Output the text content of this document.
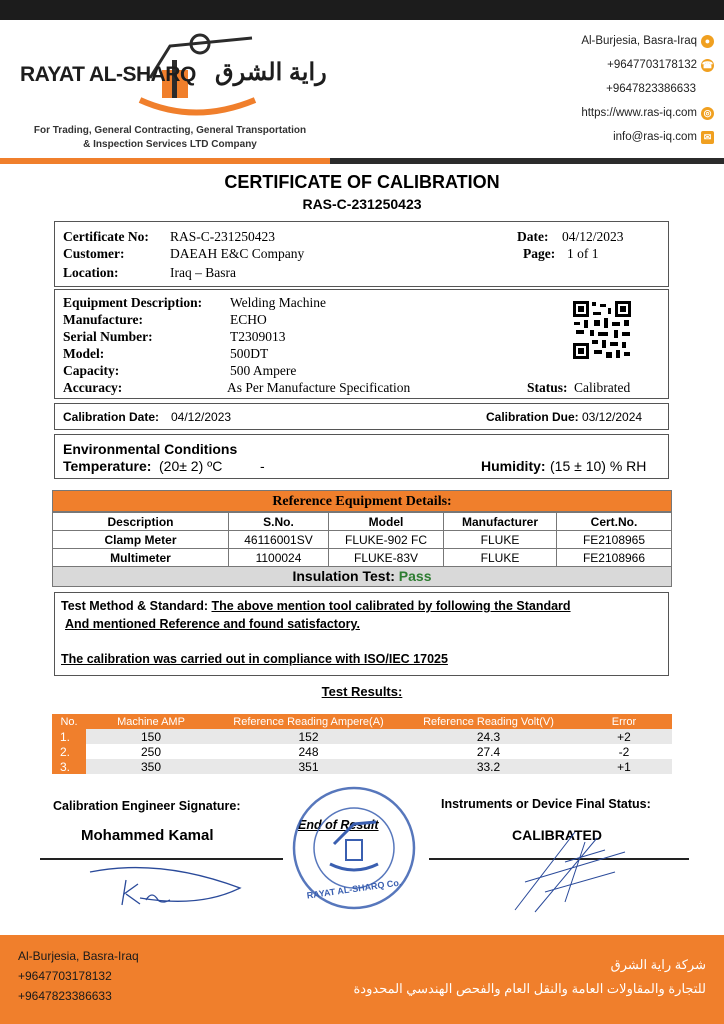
RAYAT AL-SHARQ راية الشرق
For Trading, General Contracting, General Transportation
& Inspection Services LTD Company
Al-Burjesia, Basra-Iraq ●
+9647703178132 ☎
+9647823386633
https://www.ras-iq.com ◎
info@ras-iq.com ✉
CERTIFICATE OF CALIBRATION
RAS-C-231250423
Certificate No: RAS-C-231250423
Customer:	DAEAH E&C Company
Location:	Iraq – Basra
Date: 04/12/2023
Page: 1 of 1
Equipment Description: Welding Machine
Manufacture:	ECHO
Serial Number:	T2309013
Model:	500DT
Capacity:	500 Ampere
Accuracy:	As Per Manufacture Specification	Status: Calibrated
Calibration Date: 04/12/2023	Calibration Due: 03/12/2024
Environmental Conditions
Temperature: (20± 2) ºC	-	Humidity: (15 ± 10) % RH
Reference Equipment Details:
Description	S.No.	Model	Manufacturer	Cert.No.
Clamp Meter	46116001SV	FLUKE-902 FC	FLUKE	FE2108965
Multimeter	1100024	FLUKE-83V	FLUKE	FE2108966
Insulation Test: Pass
Test Method & Standard: The above mention tool calibrated by following the Standard
And mentioned Reference and found satisfactory.
The calibration was carried out in compliance with ISO/IEC 17025
Test Results:
No.	Machine AMP	Reference Reading Ampere(A)	Reference Reading Volt(V)	Error
1.	150	152	24.3	+2
2.	250	248	27.4	-2
3.	350	351	33.2	+1
Calibration Engineer Signature:	Instruments or Device Final Status:
Mohammed Kamal
End of Result
CALIBRATED
RAYAT AL-SHARQ Co.
Al-Burjesia, Basra-Iraq
+9647703178132
+9647823386633
شركة راية الشرق
للتجارة والمقاولات العامة والنقل العام والفحص الهندسي المحدودة
